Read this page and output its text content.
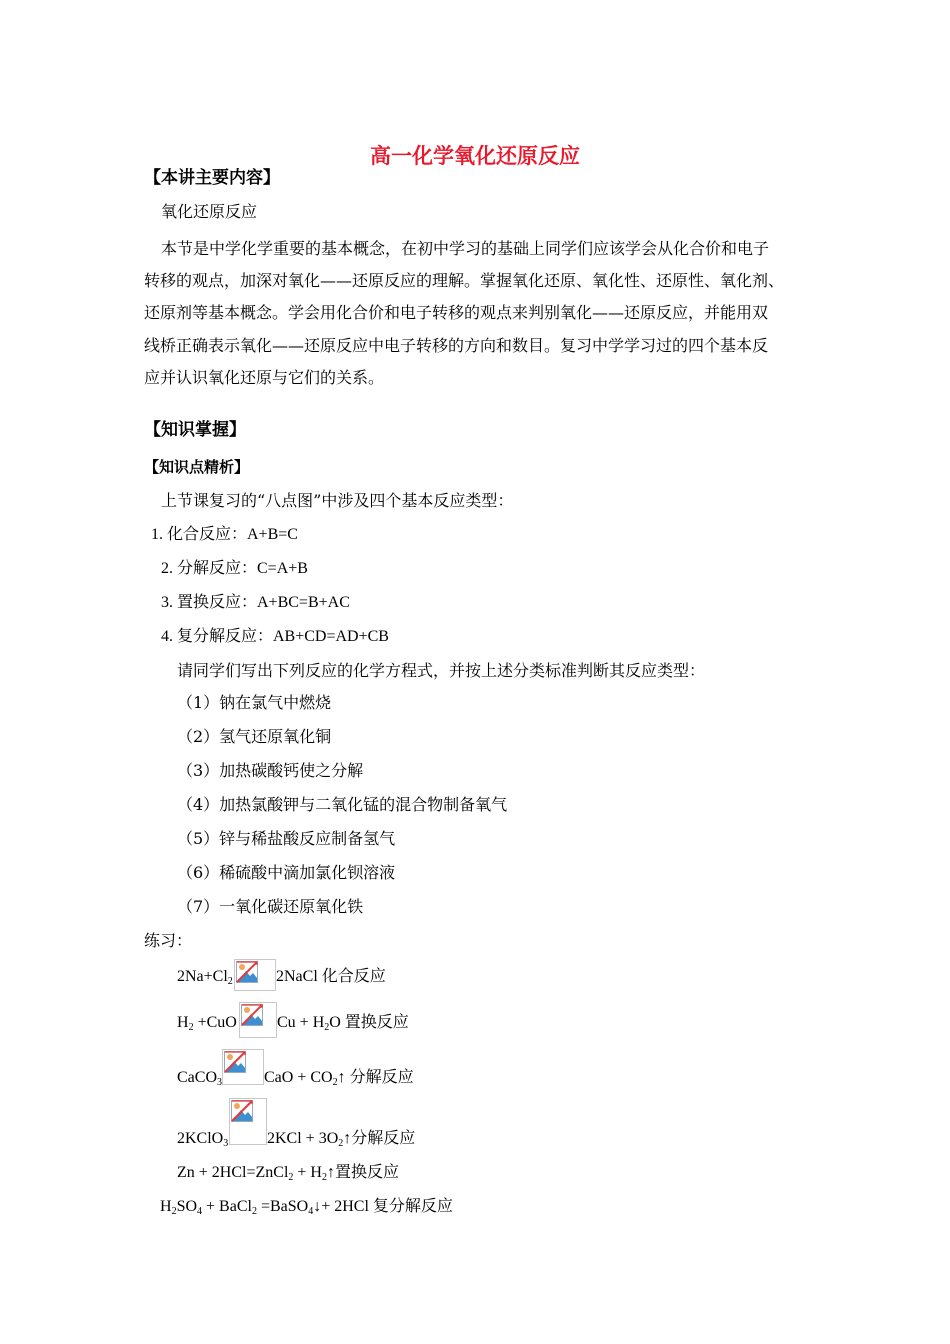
高一化学氧化还原反应
【本讲主要内容】
氧化还原反应
本节是中学化学重要的基本概念，在初中学习的基础上同学们应该学会从化合价和电子
转移的观点，加深对氧化——还原反应的理解。掌握氧化还原、氧化性、还原性、氧化剂、
还原剂等基本概念。学会用化合价和电子转移的观点来判别氧化——还原反应，并能用双
线桥正确表示氧化——还原反应中电子转移的方向和数目。复习中学学习过的四个基本反
应并认识氧化还原与它们的关系。
【知识掌握】
【知识点精析】
上节课复习的“八点图”中涉及四个基本反应类型：
1. 化合反应：A+B=C
2. 分解反应：C=A+B
3. 置换反应：A+BC=B+AC
4. 复分解反应：AB+CD=AD+CB
请同学们写出下列反应的化学方程式，并按上述分类标准判断其反应类型：
（1）钠在氯气中燃烧
（2）氢气还原氧化铜
（3）加热碳酸钙使之分解
（4）加热氯酸钾与二氧化锰的混合物制备氧气
（5）锌与稀盐酸反应制备氢气
（6）稀硫酸中滴加氯化钡溶液
（7）一氧化碳还原氧化铁
练习：
$2Na+Cl_2$	2NaCl 化合反应
$H_2 +CuO$	$Cu + H_2O$ 置换反应
CaCO$_3$	CaO + $CO_2↑$ 分解反应
2KClO$_3$ $2KCl + 3O_2↑$分解反应
Zn + 2HCl=ZnCl$_2$ + $H_2↑$置换反应
$H_2SO_4$ + BaCl$_2$ =BaSO$_4$↓+ 2HCl 复分解反应
